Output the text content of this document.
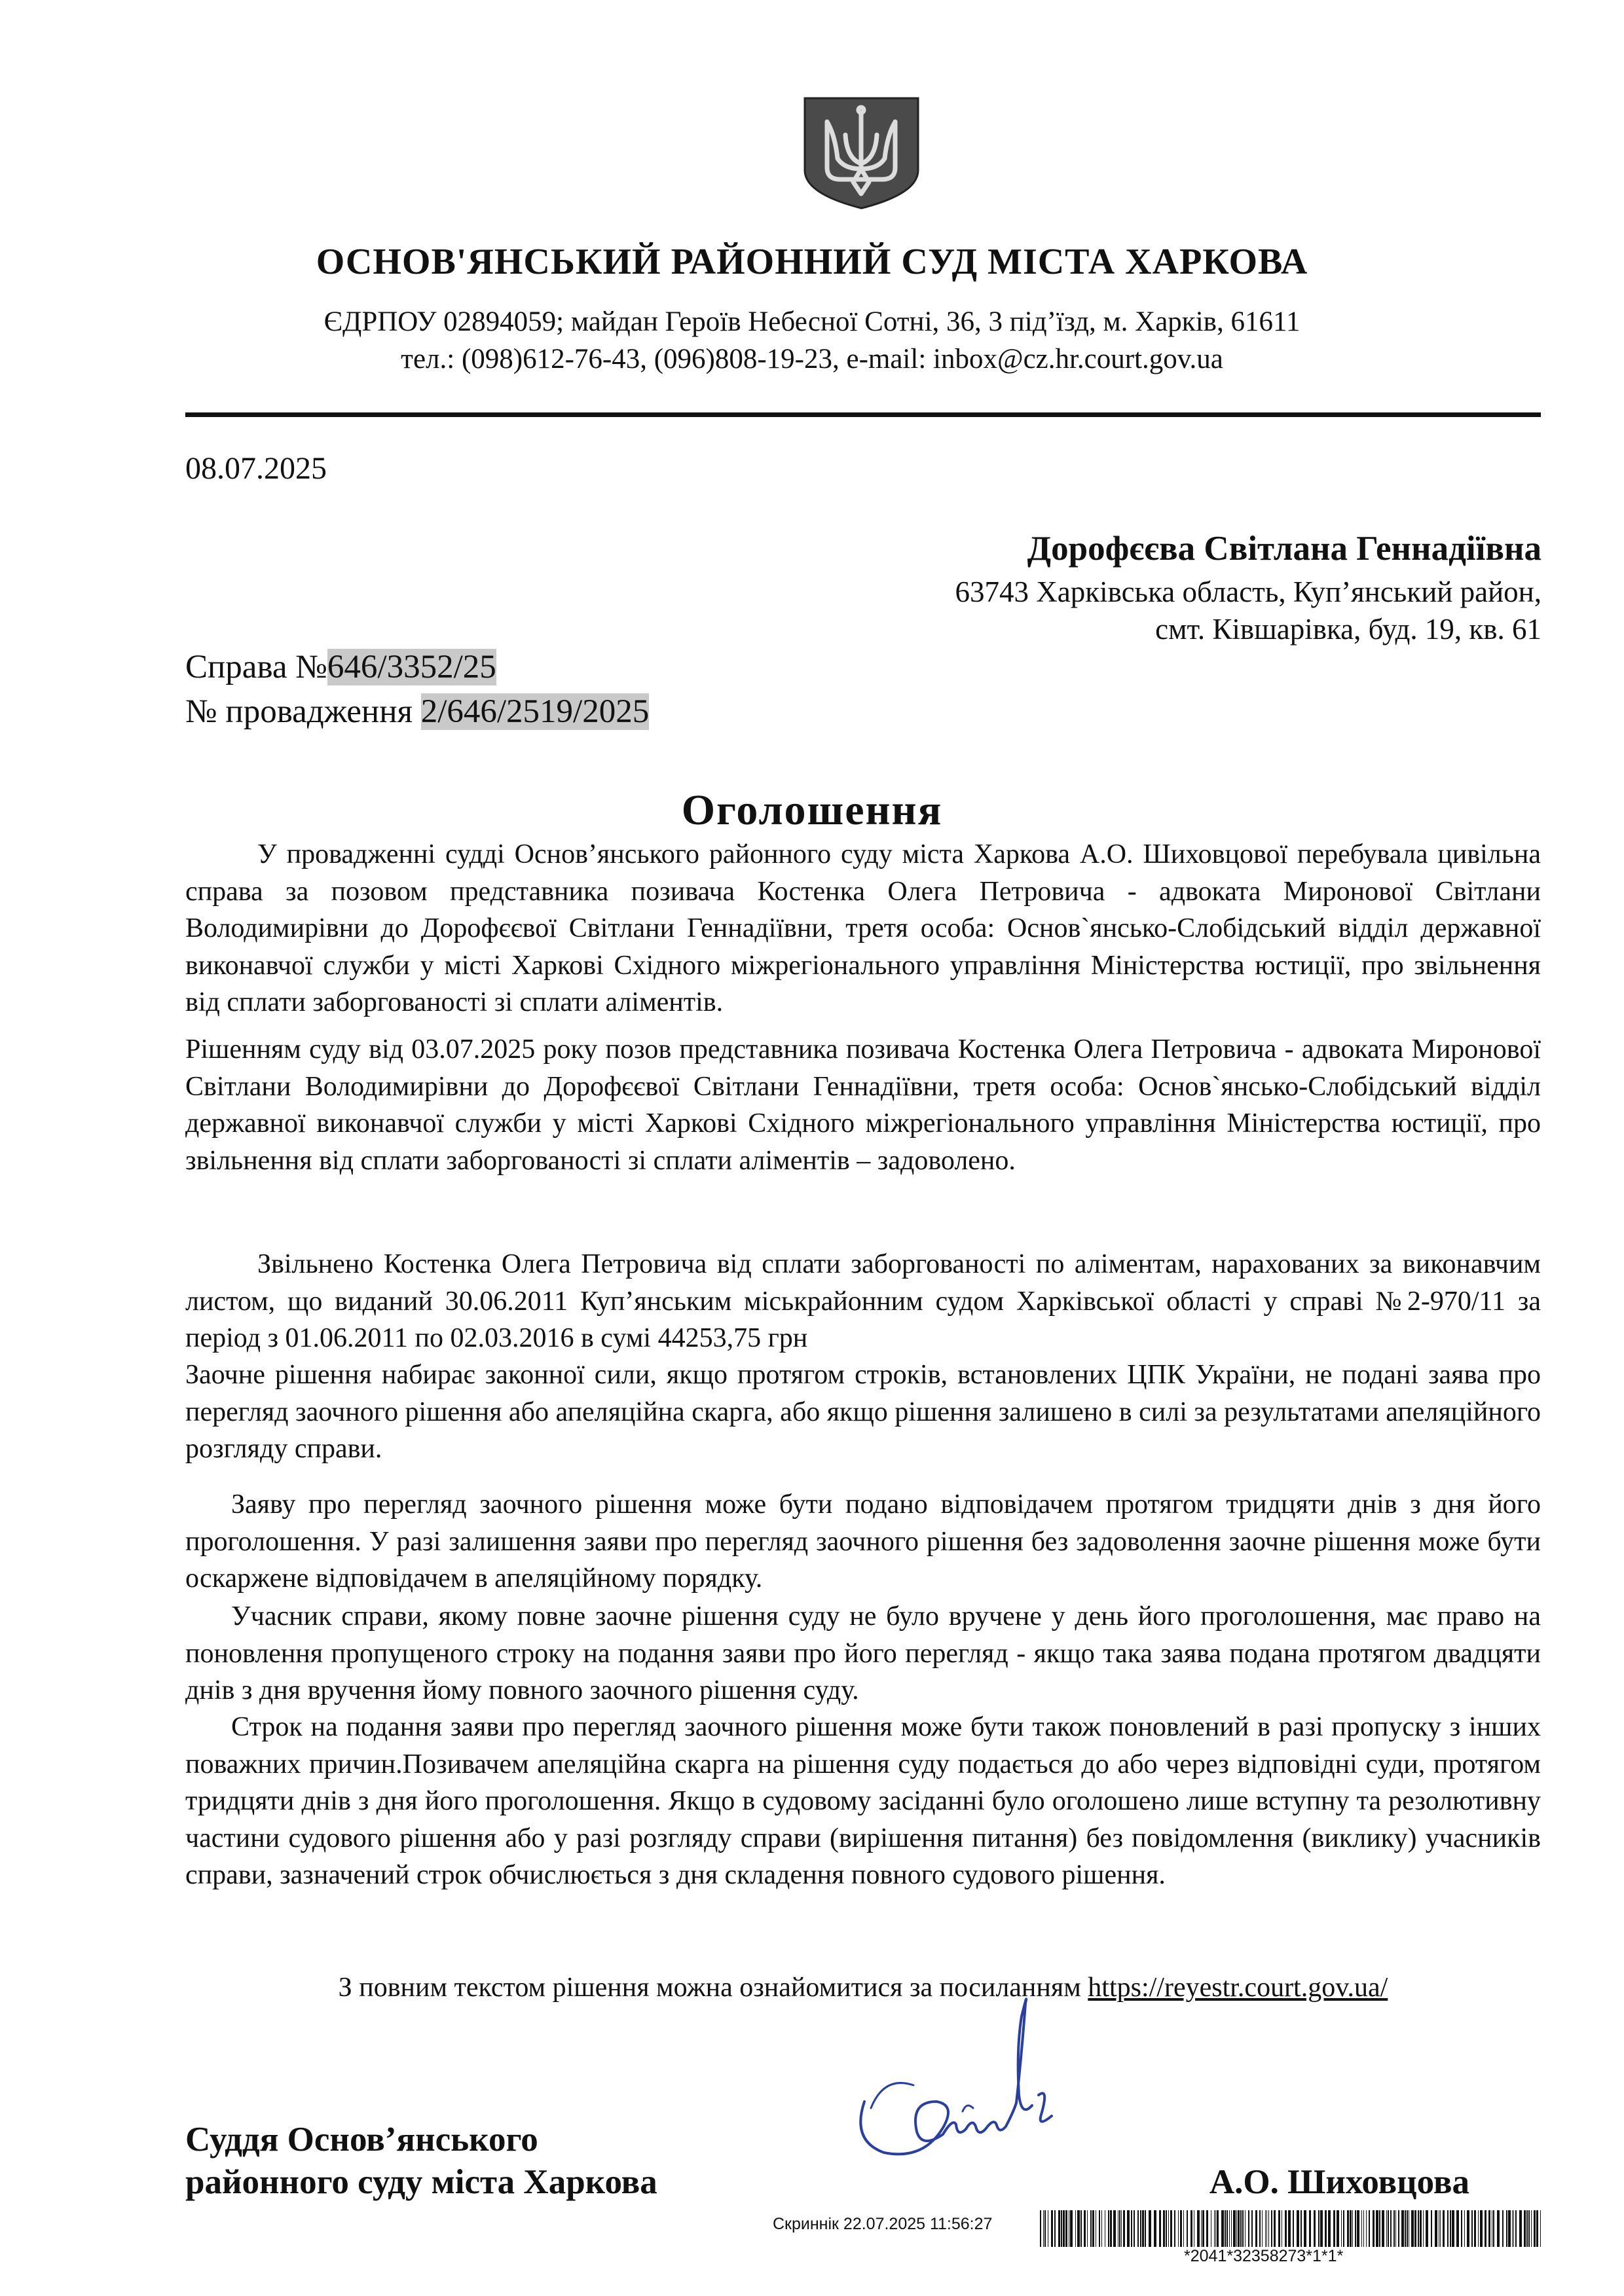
ОСНОВ'ЯНСЬКИЙ РАЙОННИЙ СУД МІСТА ХАРКОВА
ЄДРПОУ 02894059; майдан Героїв Небесної Сотні, 36, 3 під’їзд, м. Харків, 61611
тел.: (098)612-76-43, (096)808-19-23, e-mail: inbox@cz.hr.court.gov.ua
08.07.2025
Дорофєєва Світлана Геннадіївна
63743 Харківська область, Куп’янський район,
смт. Ківшарівка, буд. 19, кв. 61
Справа №646/3352/25
№ провадження 2/646/2519/2025
Оголошення
У провадженні судді Основ’янського районного суду міста Харкова А.О. Шиховцової перебувала цивільна справа за позовом представника позивача Костенка Олега Петровича - адвоката Миронової Світлани Володимирівни до Дорофєєвої Світлани Геннадіївни, третя особа: Основ`янсько-Слобідський відділ державної виконавчої служби у місті Харкові Східного міжрегіонального управління Міністерства юстиції, про звільнення від сплати заборгованості зі сплати аліментів.
Рішенням суду від 03.07.2025 року позов представника позивача Костенка Олега Петровича - адвоката Миронової Світлани Володимирівни до Дорофєєвої Світлани Геннадіївни, третя особа: Основ`янсько-Слобідський відділ державної виконавчої служби у місті Харкові Східного міжрегіонального управління Міністерства юстиції, про звільнення від сплати заборгованості зі сплати аліментів – задоволено.
Звільнено Костенка Олега Петровича від сплати заборгованості по аліментам, нарахованих за виконавчим листом, що виданий 30.06.2011 Куп’янським міськрайонним судом Харківської області у справі №2-970/11 за період з 01.06.2011 по 02.03.2016 в сумі 44253,75 грн
Заочне рішення набирає законної сили, якщо протягом строків, встановлених ЦПК України, не подані заява про перегляд заочного рішення або апеляційна скарга, або якщо рішення залишено в силі за результатами апеляційного розгляду справи.
Заяву про перегляд заочного рішення може бути подано відповідачем протягом тридцяти днів з дня його проголошення. У разі залишення заяви про перегляд заочного рішення без задоволення заочне рішення може бути оскаржене відповідачем в апеляційному порядку.
Учасник справи, якому повне заочне рішення суду не було вручене у день його проголошення, має право на поновлення пропущеного строку на подання заяви про його перегляд - якщо така заява подана протягом двадцяти днів з дня вручення йому повного заочного рішення суду.
Строк на подання заяви про перегляд заочного рішення може бути також поновлений в разі пропуску з інших поважних причин.Позивачем апеляційна скарга на рішення суду подається до або через відповідні суди, протягом тридцяти днів з дня його проголошення. Якщо в судовому засіданні було оголошено лише вступну та резолютивну частини судового рішення або у разі розгляду справи (вирішення питання) без повідомлення (виклику) учасників справи, зазначений строк обчислюється з дня складення повного судового рішення.
З повним текстом рішення можна ознайомитися за посиланням https://reyestr.court.gov.ua/
Суддя Основ’янського
районного суду міста Харкова	А.О. Шиховцова
Скриннік 22.07.2025 11:56:27
*2041*32358273*1*1*
